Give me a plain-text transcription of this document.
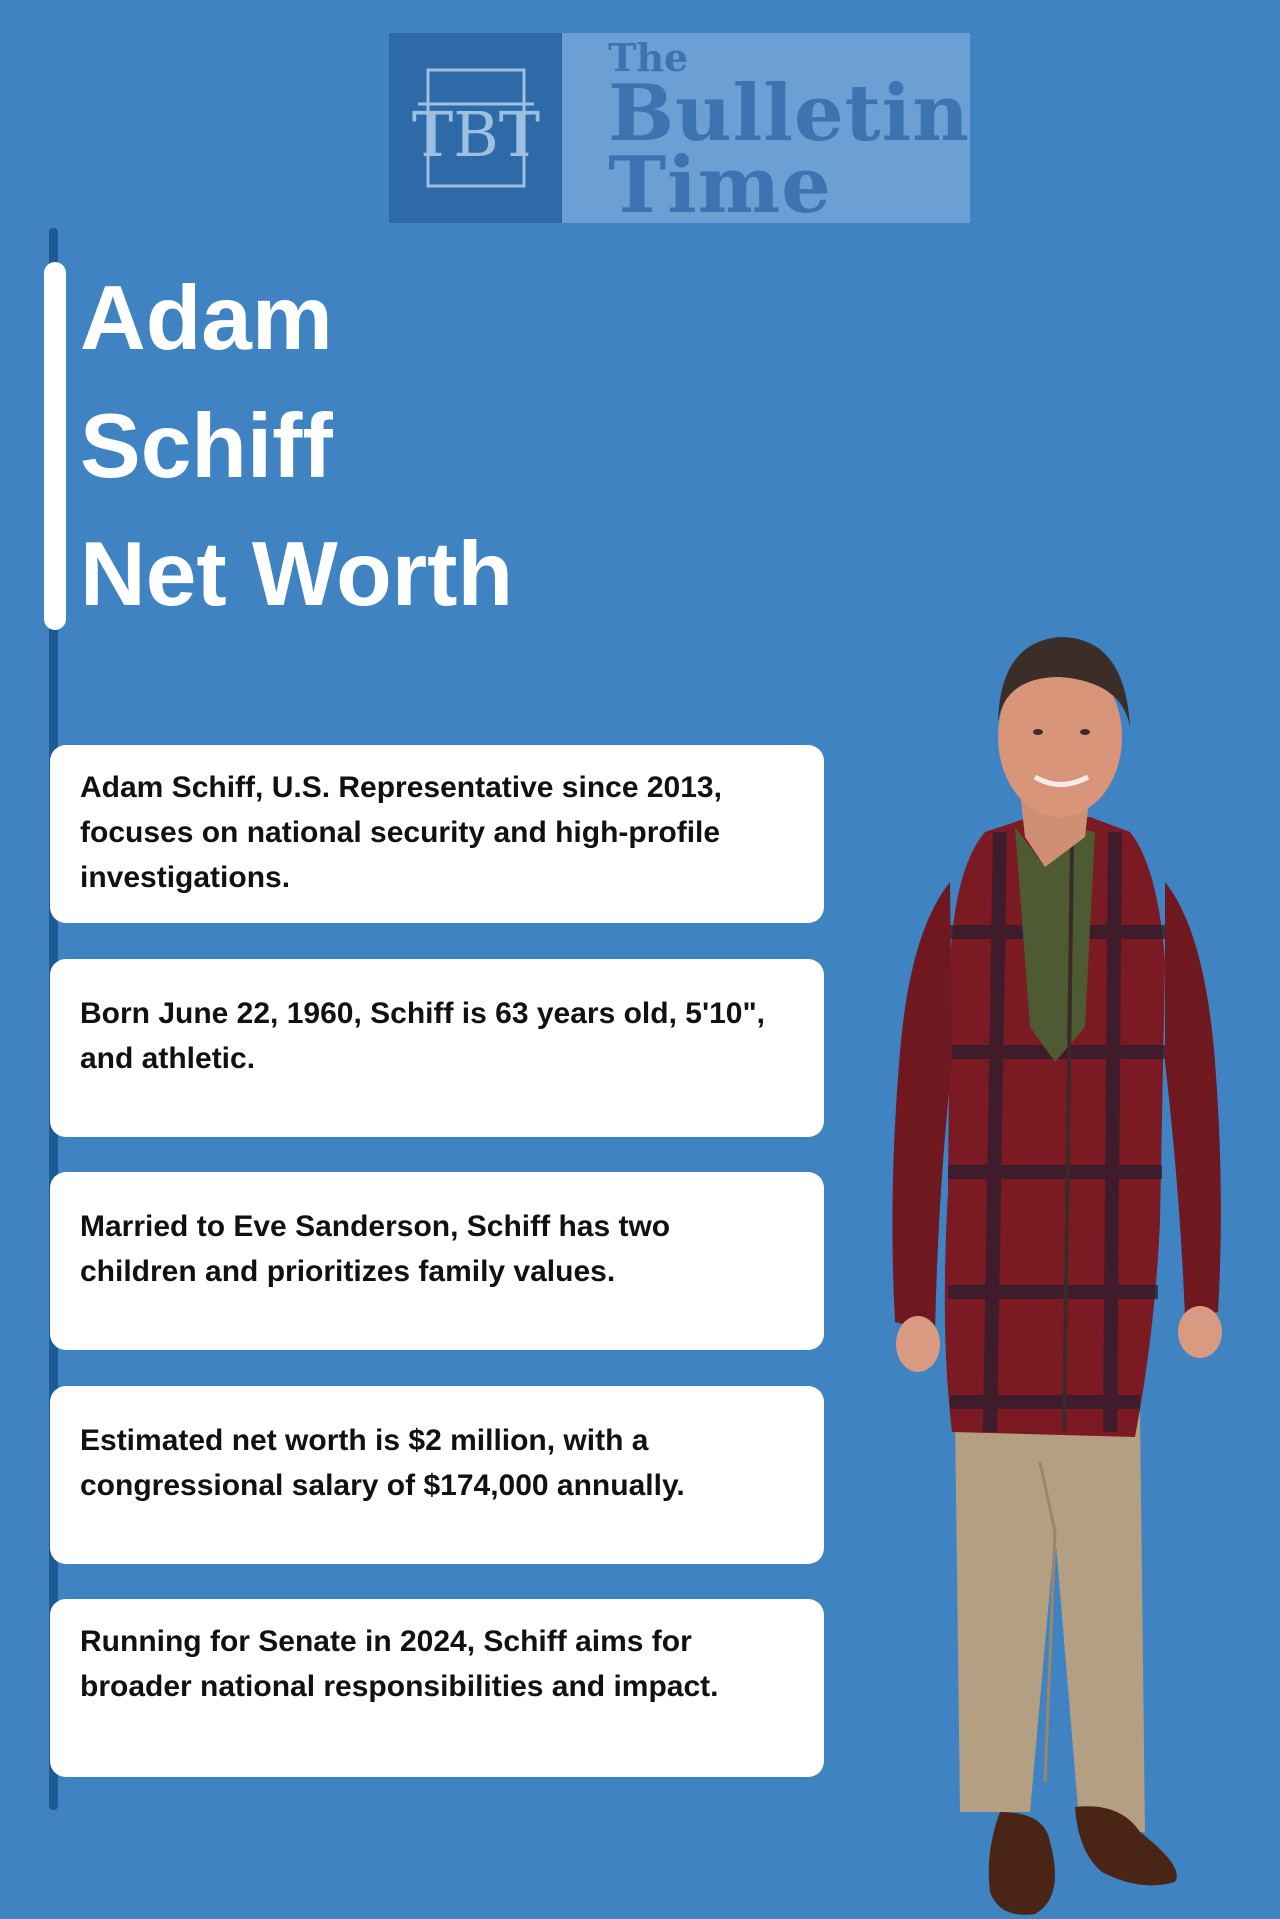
TBT
The
Bulletin
Time
Adam
Schiff
Net Worth
Adam Schiff, U.S. Representative since 2013, focuses on national security and high-profile investigations.
Born June 22, 1960, Schiff is 63 years old, 5'10", and athletic.
Married to Eve Sanderson, Schiff has two children and prioritizes family values.
Estimated net worth is $2 million, with a congressional salary of $174,000 annually.
Running for Senate in 2024, Schiff aims for broader national responsibilities and impact.
